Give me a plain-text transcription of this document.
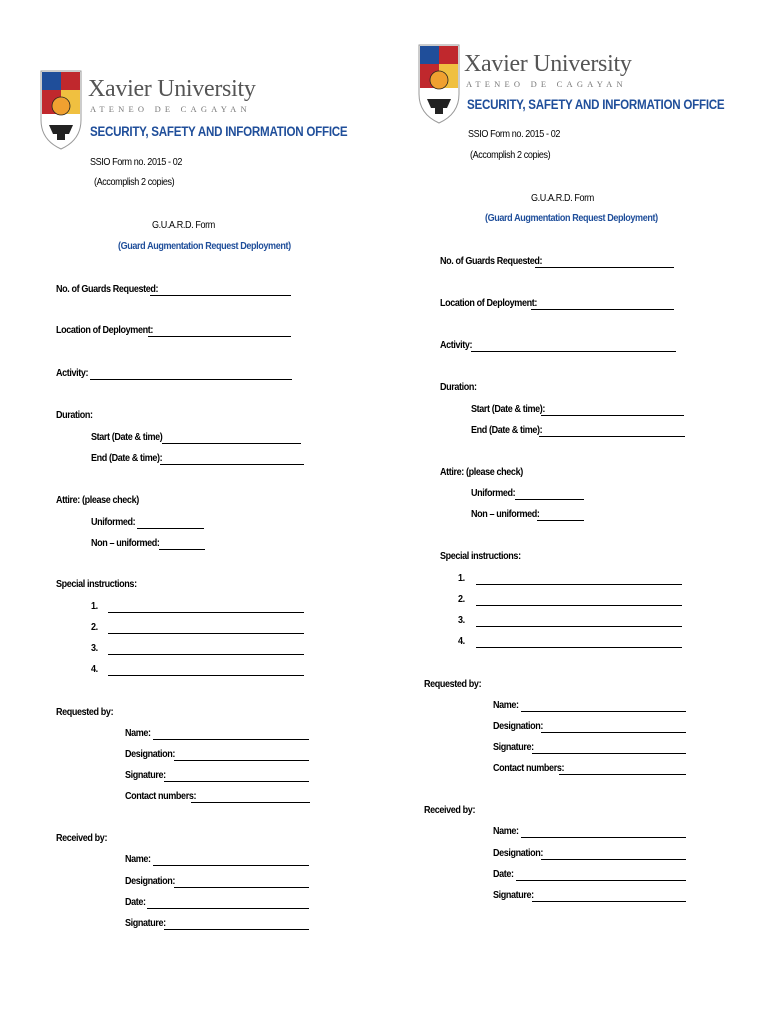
Xavier University
ATENEO DE CAGAYAN
SECURITY, SAFETY AND INFORMATION OFFICE
SSIO Form no. 2015 - 02
(Accomplish 2 copies)
G.U.A.R.D. Form
(Guard Augmentation Request Deployment)
No. of Guards Requested:
Location of Deployment:
Activity:
Duration:
Start (Date & time)
End (Date & time):
Attire: (please check)
Uniformed:
Non – uniformed:
Special instructions:
1.
2.
3.
4.
Requested by:
Name:
Designation:
Signature:
Contact numbers:
Received by:
Name:
Designation:
Date:
Signature:
Xavier University
ATENEO DE CAGAYAN
SECURITY, SAFETY AND INFORMATION OFFICE
SSIO Form no. 2015 - 02
(Accomplish 2 copies)
G.U.A.R.D. Form
(Guard Augmentation Request Deployment)
No. of Guards Requested:
Location of Deployment:
Activity:
Duration:
Start (Date & time):
End (Date & time):
Attire: (please check)
Uniformed:
Non – uniformed:
Special instructions:
1.
2.
3.
4.
Requested by:
Name:
Designation:
Signature:
Contact numbers:
Received by:
Name:
Designation:
Date:
Signature:
